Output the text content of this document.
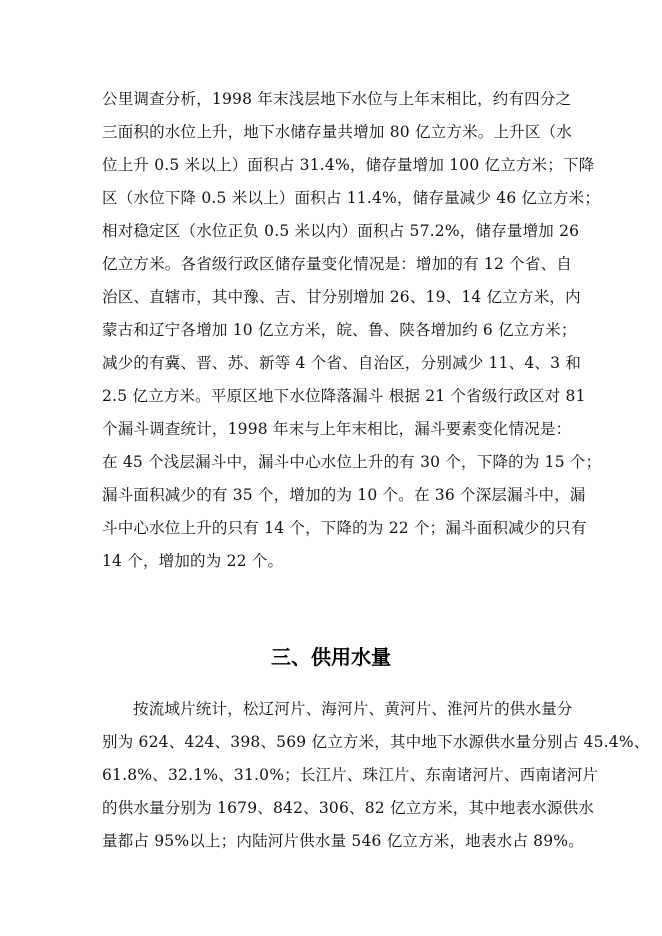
公里调查分析，1998 年末浅层地下水位与上年末相比，约有四分之
三面积的水位上升，地下水储存量共增加 80 亿立方米。上升区（水
位上升 0.5 米以上）面积占 31.4%，储存量增加 100 亿立方米；下降
区（水位下降 0.5 米以上）面积占 11.4%，储存量减少 46 亿立方米；
相对稳定区（水位正负 0.5 米以内）面积占 57.2%，储存量增加 26
亿立方米。各省级行政区储存量变化情况是：增加的有 12 个省、自
治区、直辖市，其中豫、吉、甘分别增加 26、19、14 亿立方米，内
蒙古和辽宁各增加 10 亿立方米，皖、鲁、陕各增加约 6 亿立方米；
减少的有冀、晋、苏、新等 4 个省、自治区，分别减少 11、4、3 和
2.5 亿立方米。平原区地下水位降落漏斗 根据 21 个省级行政区对 81
个漏斗调查统计，1998 年末与上年末相比，漏斗要素变化情况是：
在 45 个浅层漏斗中，漏斗中心水位上升的有 30 个，下降的为 15 个；
漏斗面积减少的有 35 个，增加的为 10 个。在 36 个深层漏斗中，漏
斗中心水位上升的只有 14 个，下降的为 22 个；漏斗面积减少的只有
14 个，增加的为 22 个。
三、供用水量
按流域片统计，松辽河片、海河片、黄河片、淮河片的供水量分
别为 624、424、398、569 亿立方米，其中地下水源供水量分别占 45.4%、
61.8%、32.1%、31.0%；长江片、珠江片、东南诸河片、西南诸河片
的供水量分别为 1679、842、306、82 亿立方米，其中地表水源供水
量都占 95%以上；内陆河片供水量 546 亿立方米，地表水占 89%。
